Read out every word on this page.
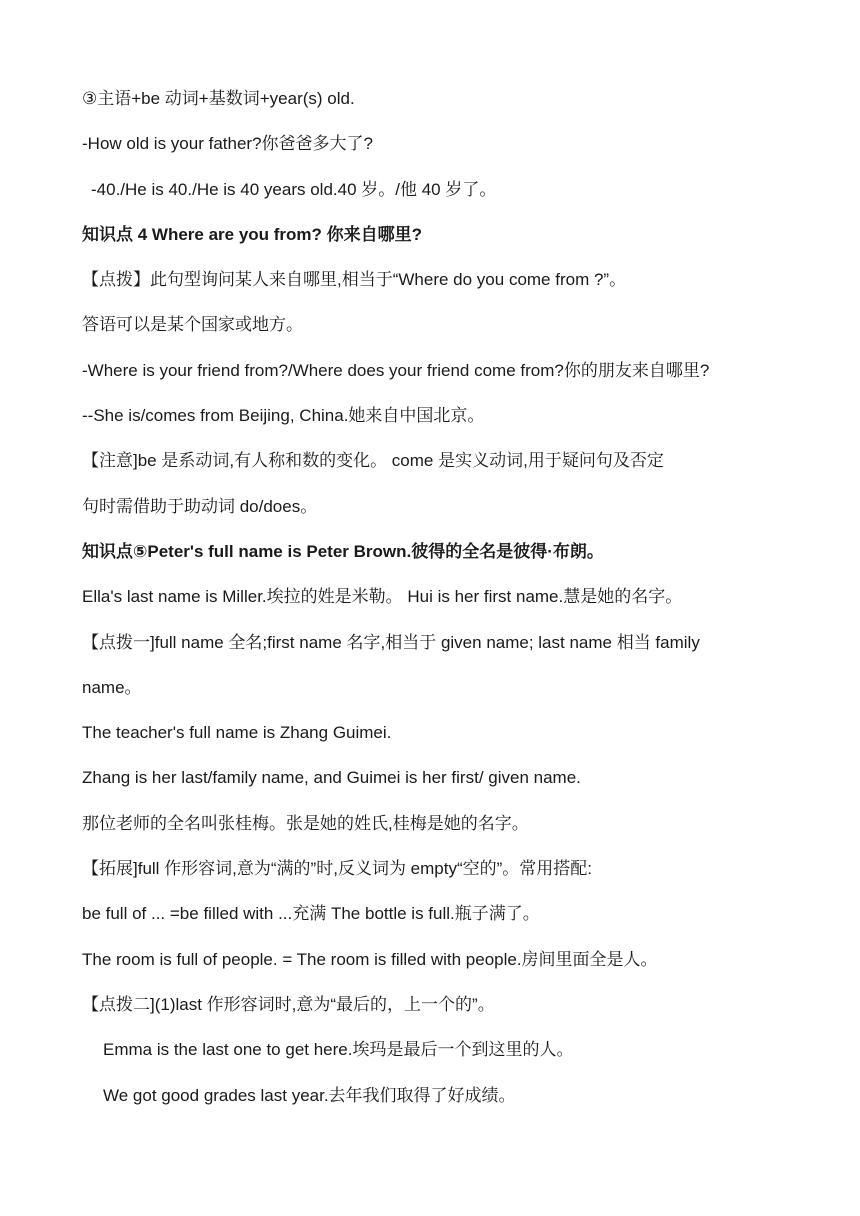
③主语+be 动词+基数词+year(s) old.
-How old is your father?你爸爸多大了?
-40./He is 40./He is 40 years old.40 岁。/他 40 岁了。
知识点 4 Where are you from? 你来自哪里?
【点拨】此句型询问某人来自哪里,相当于“Where do you come from ?”。
答语可以是某个国家或地方。
-Where is your friend from?/Where does your friend come from?你的朋友来自哪里?
--She is/comes from Beijing, China.她来自中国北京。
【注意]be 是系动词,有人称和数的变化。 come 是实义动词,用于疑问句及否定
句时需借助于助动词 do/does。
知识点⑤Peter's full name is Peter Brown.彼得的全名是彼得·布朗。
Ella's last name is Miller.埃拉的姓是米勒。 Hui is her first name.慧是她的名字。
【点拨一]full name 全名;first name 名字,相当于 given name; last name 相当 family
name。
The teacher's full name is Zhang Guimei.
Zhang is her last/family name, and Guimei is her first/ given name.
那位老师的全名叫张桂梅。张是她的姓氏,桂梅是她的名字。
【拓展]full 作形容词,意为“满的”时,反义词为 empty“空的”。常用搭配:
be full of ... =be filled with ...充满 The bottle is full.瓶子满了。
The room is full of people. = The room is filled with people.房间里面全是人。
【点拨二](1)last 作形容词时,意为“最后的，上一个的”。
Emma is the last one to get here.埃玛是最后一个到这里的人。
We got good grades last year.去年我们取得了好成绩。
